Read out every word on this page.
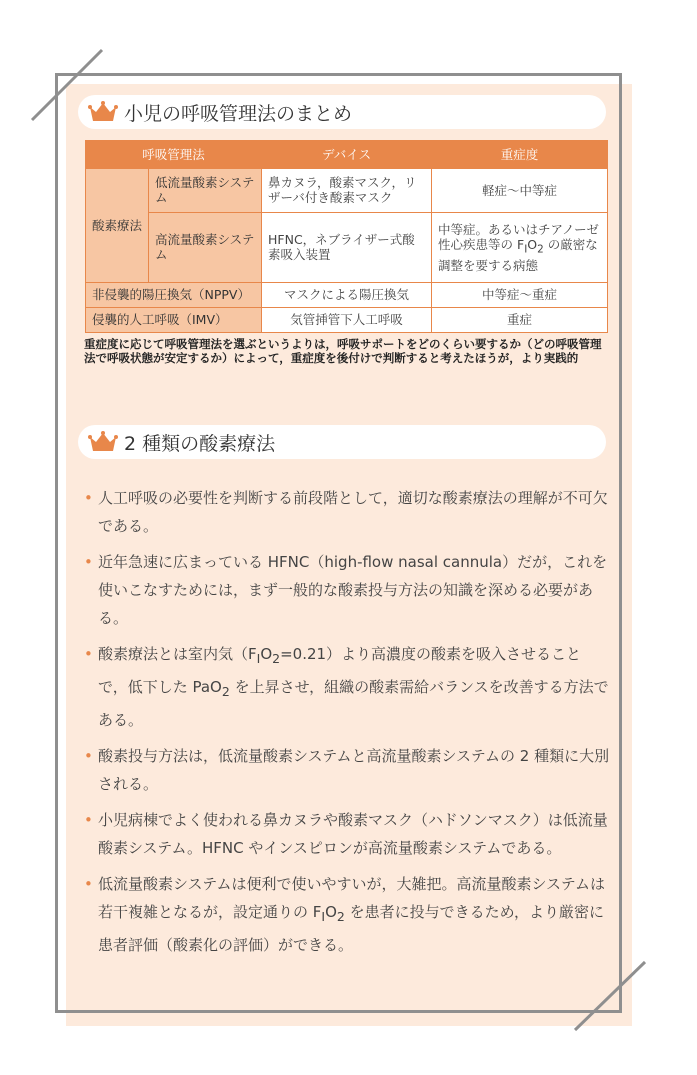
小児の呼吸管理法のまとめ
呼吸管理法		デバイス	重症度
酸素療法	低流量酸素システム	鼻カヌラ，酸素マスク，リザーバ付き酸素マスク	軽症～中等症
	高流量酸素システム	HFNC，ネブライザー式酸素吸入装置	中等症。あるいはチアノーゼ性心疾患等の $F_IO_2$ の厳密な調整を要する病態
非侵襲的陽圧換気（NPPV）		マスクによる陽圧換気	中等症～重症
侵襲的人工呼吸（IMV）		気管挿管下人工呼吸	重症
重症度に応じて呼吸管理法を選ぶというよりは，呼吸サポートをどのくらい要するか（どの呼吸管理法で呼吸状態が安定するか）によって，重症度を後付けで判断すると考えたほうが，より実践的
2 種類の酸素療法
• 人工呼吸の必要性を判断する前段階として，適切な酸素療法の理解が不可欠である。
• 近年急速に広まっている HFNC（high-flow nasal cannula）だが，これを使いこなすためには，まず一般的な酸素投与方法の知識を深める必要がある。
• 酸素療法とは室内気$(F_IO_2=0.21)$より高濃度の酸素を吸入させることで，低下した PaO$_2$ を上昇させ，組織の酸素需給バランスを改善する方法である。
• 酸素投与方法は，低流量酸素システムと高流量酸素システムの 2 種類に大別される。
• 小児病棟でよく使われる鼻カヌラや酸素マスク（ハドソンマスク）は低流量酸素システム。HFNC やインスピロンが高流量酸素システムである。
• 低流量酸素システムは便利で使いやすいが，大雑把。高流量酸素システムは若干複雑となるが，設定通りの $F_IO_2$ を患者に投与できるため，より厳密に患者評価（酸素化の評価）ができる。
